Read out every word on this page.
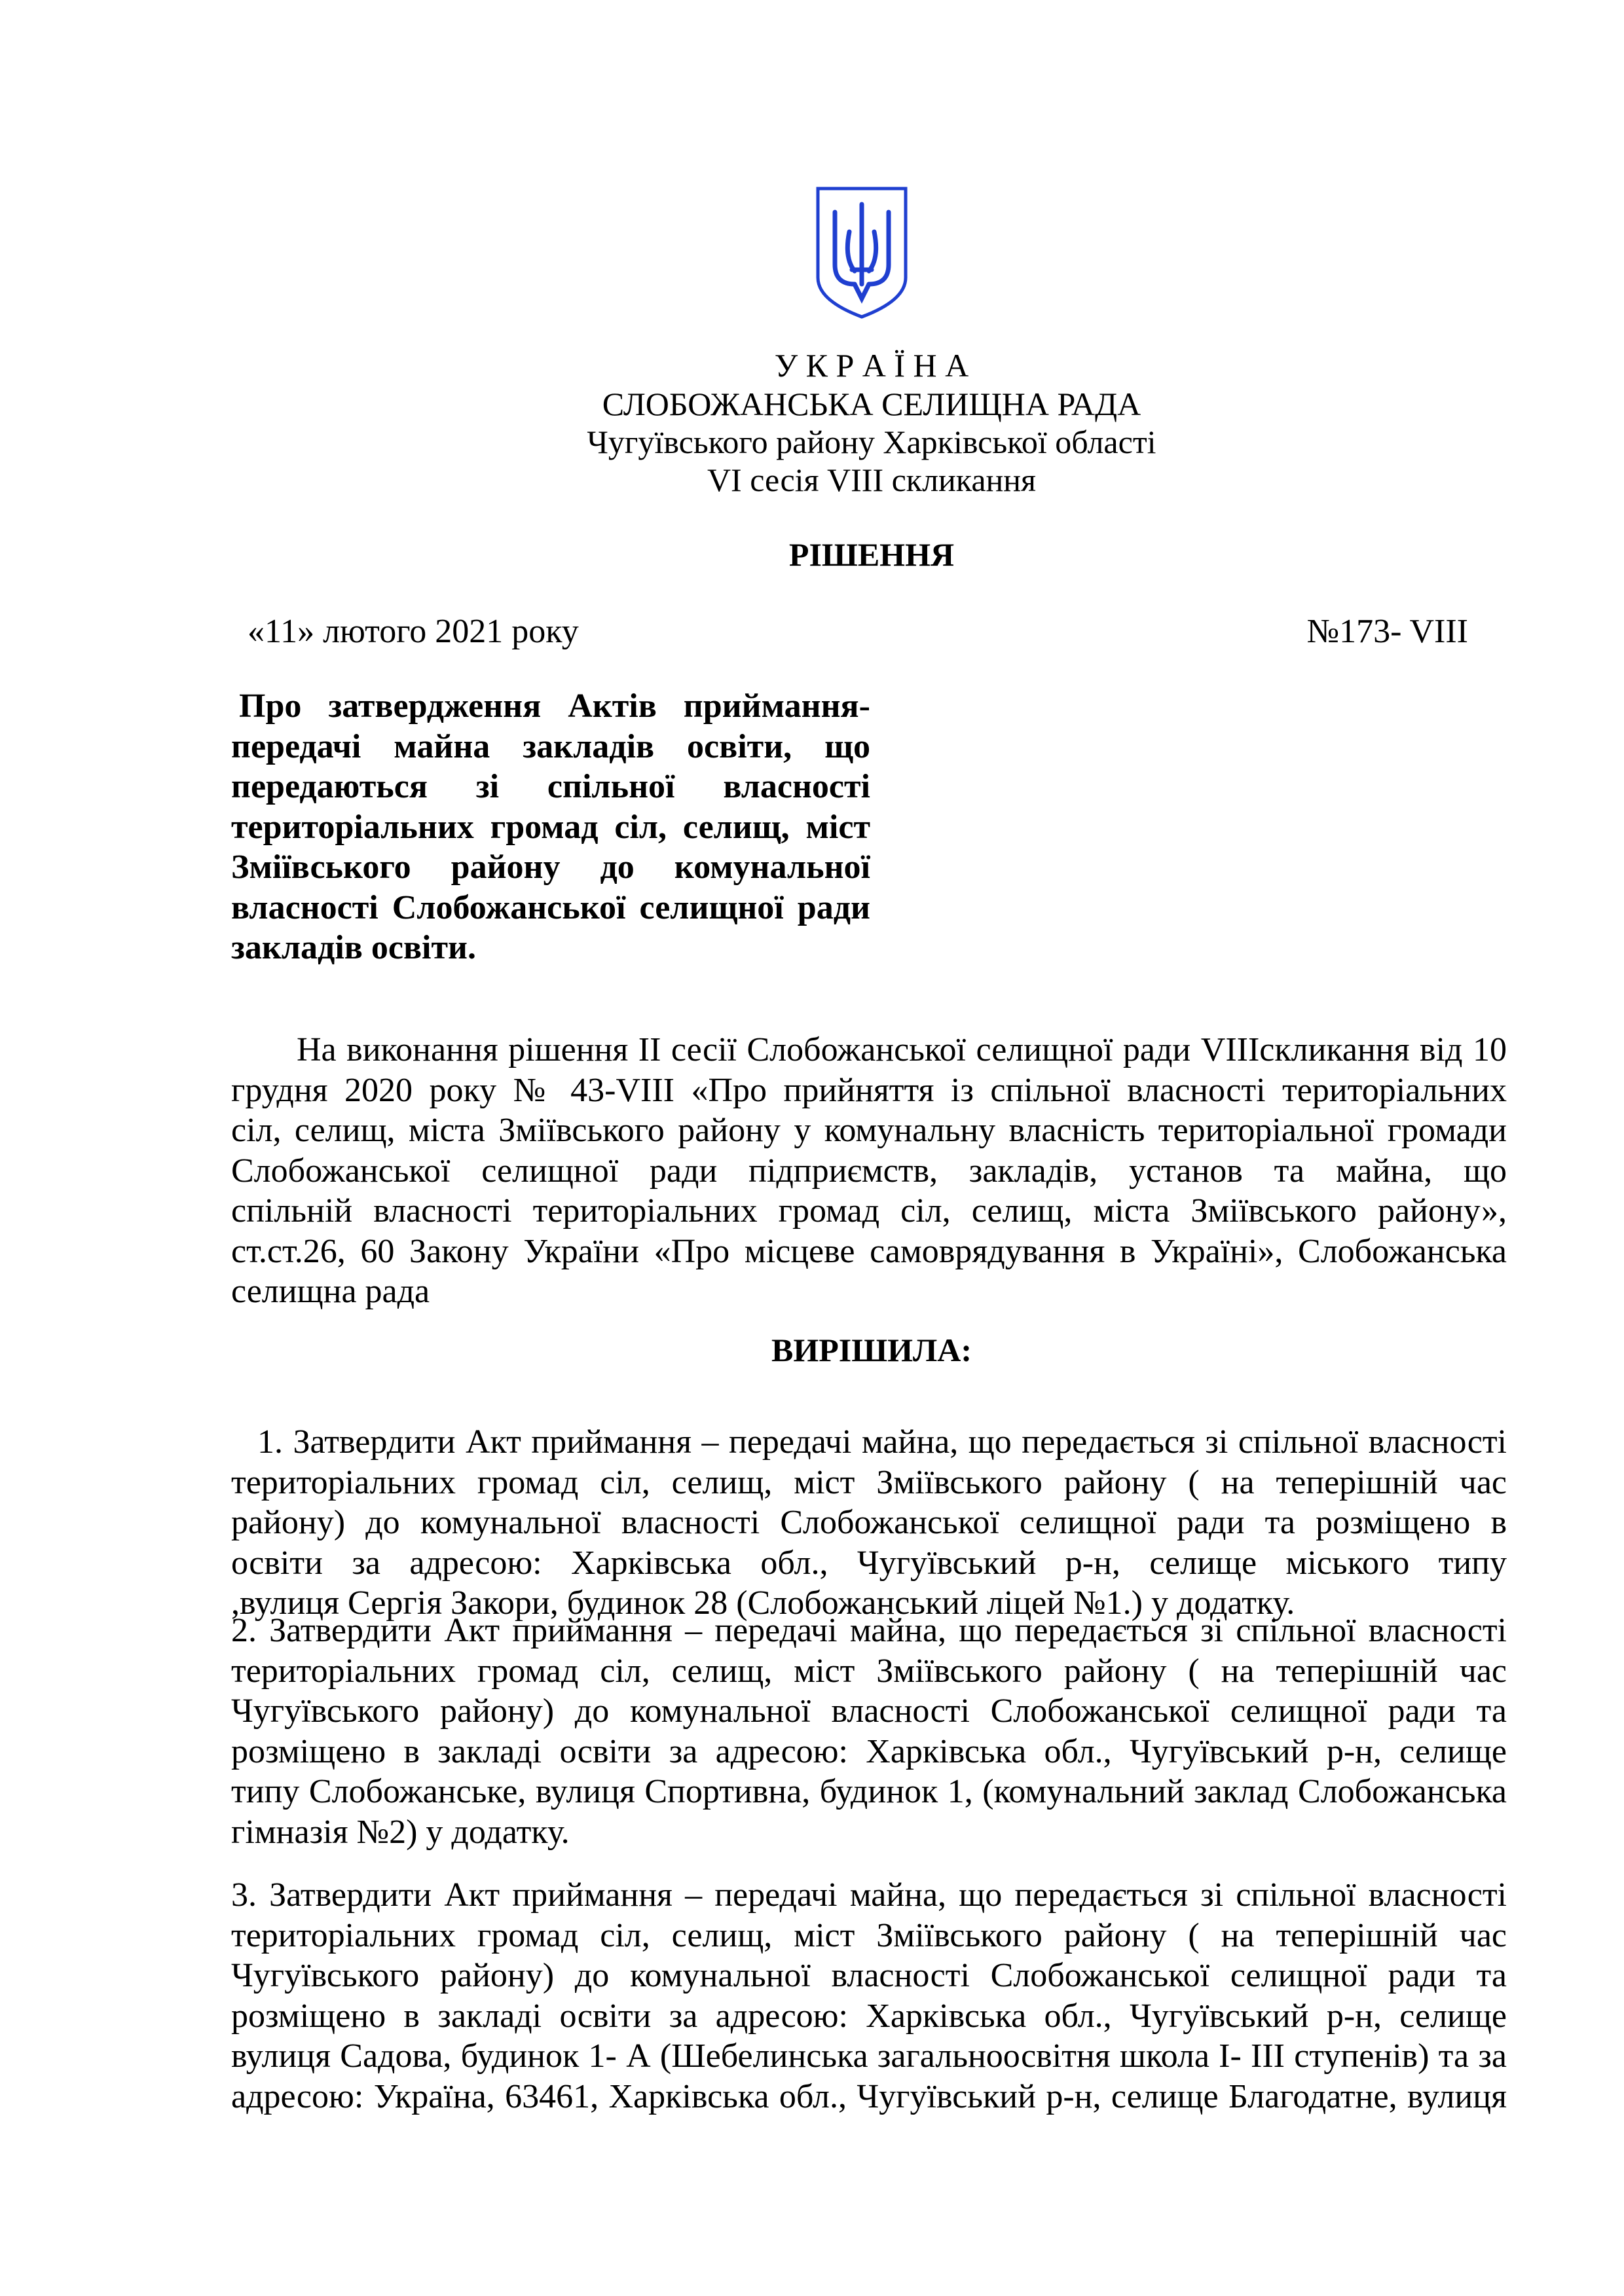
У К Р А Ї Н А
СЛОБОЖАНСЬКА СЕЛИЩНА РАДА
Чугуївського району Харківської області
VI сесія VIII скликання
РІШЕННЯ
«11» лютого 2021 року	№173- VIII
Про затвердження Актів приймання-
передачі майна закладів освіти, що
передаються зі спільної власності
територіальних громад сіл, селищ, міст
Зміївського району до комунальної
власності Слобожанської селищної ради
закладів освіти.
На виконання рішення ІІ сесії Слобожанської селищної ради VIIIскликання від 10
грудня 2020 року № 43-VIII «Про прийняття із спільної власності територіальних
сіл, селищ, міста Зміївського району у комунальну власність територіальної громади
Слобожанської селищної ради підприємств, закладів, установ та майна, що
спільній власності територіальних громад сіл, селищ, міста Зміївського району»,
ст.ст.26, 60 Закону України «Про місцеве самоврядування в Україні», Слобожанська
селищна рада
ВИРІШИЛА:
1. Затвердити Акт приймання – передачі майна, що передається зі спільної власності
територіальних громад сіл, селищ, міст Зміївського району ( на теперішній час
району) до комунальної власності Слобожанської селищної ради та розміщено в
освіти за адресою: Харківська обл., Чугуївський р-н, селище міського типу
,вулиця Сергія Закори, будинок 28 (Слобожанський ліцей №1.) у додатку.
2. Затвердити Акт приймання – передачі майна, що передається зі спільної власності
територіальних громад сіл, селищ, міст Зміївського району ( на теперішній час
Чугуївського району) до комунальної власності Слобожанської селищної ради та
розміщено в закладі освіти за адресою: Харківська обл., Чугуївський р-н, селище
типу Слобожанське, вулиця Спортивна, будинок 1, (комунальний заклад Слобожанська
гімназія №2) у додатку.
3. Затвердити Акт приймання – передачі майна, що передається зі спільної власності
територіальних громад сіл, селищ, міст Зміївського району ( на теперішній час
Чугуївського району) до комунальної власності Слобожанської селищної ради та
розміщено в закладі освіти за адресою: Харківська обл., Чугуївський р-н, селище
вулиця Садова, будинок 1- А (Шебелинська загальноосвітня школа І- ІІІ ступенів) та за
адресою: Україна, 63461, Харківська обл., Чугуївський р-н, селище Благодатне, вулиця
